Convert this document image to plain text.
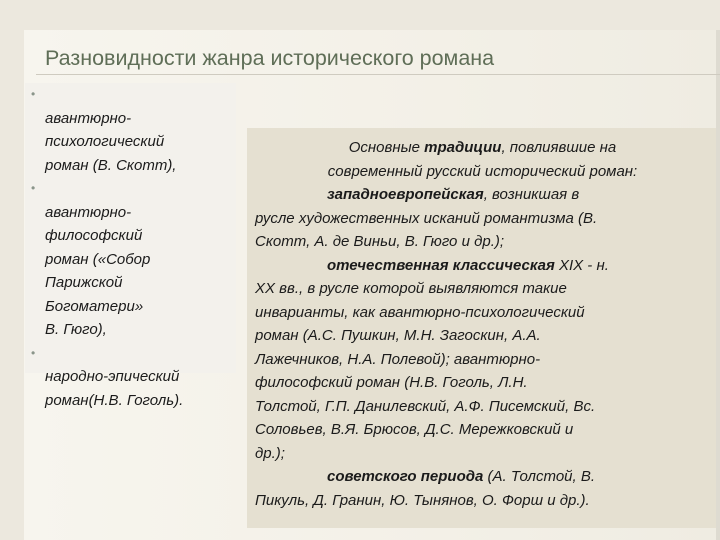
Разновидности жанра исторического романа

•
авантюрно-
психологический
роман (В. Скотт),

•
авантюрно-
философский
роман («Собор
Парижской
Богоматери»
В. Гюго),

•
народно-эпический
роман(Н.В. Гоголь).

Основные традиции, повлиявшие на
современный русский исторический роман:
западноевропейская, возникшая в
русле художественных исканий романтизма (В.
Скотт, А. де Виньи, В. Гюго и др.);
отечественная классическая XIX - н.
XX вв., в русле которой выявляются такие
инварианты, как авантюрно-психологический
роман (А.С. Пушкин, М.Н. Загоскин, А.А.
Лажечников, Н.А. Полевой); авантюрно-
философский роман (Н.В. Гоголь, Л.Н.
Толстой, Г.П. Данилевский, А.Ф. Писемский, Вс.
Соловьев, В.Я. Брюсов, Д.С. Мережковский и
др.);
советского периода (А. Толстой, В.
Пикуль, Д. Гранин, Ю. Тынянов, О. Форш и др.).
